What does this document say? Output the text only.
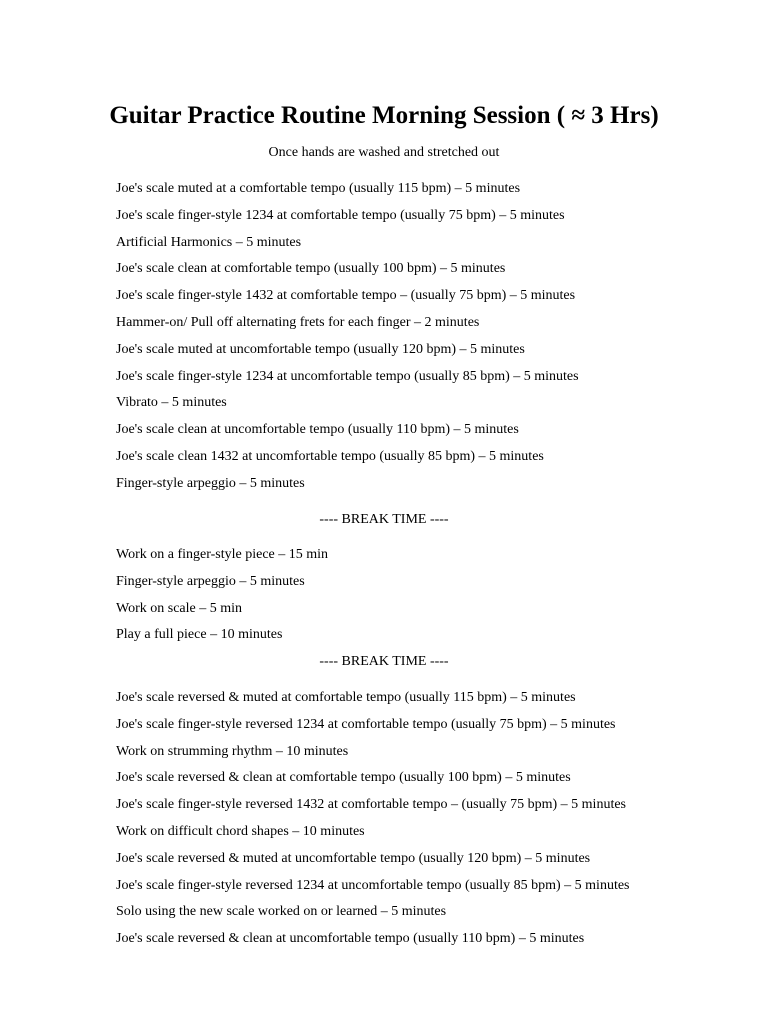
Guitar Practice Routine Morning Session ( ≈ 3 Hrs)
Once hands are washed and stretched out
Joe's scale muted at a comfortable tempo (usually 115 bpm) – 5 minutes
Joe's scale finger-style 1234 at comfortable tempo (usually 75 bpm) – 5 minutes
Artificial Harmonics – 5 minutes
Joe's scale clean at comfortable tempo (usually 100 bpm) – 5 minutes
Joe's scale finger-style 1432 at comfortable tempo – (usually 75 bpm) – 5 minutes
Hammer-on/ Pull off alternating frets for each finger – 2 minutes
Joe's scale muted at uncomfortable tempo (usually 120 bpm) – 5 minutes
Joe's scale finger-style 1234 at uncomfortable tempo (usually 85 bpm) – 5 minutes
Vibrato – 5 minutes
Joe's scale clean at uncomfortable tempo (usually 110 bpm) – 5 minutes
Joe's scale clean 1432 at uncomfortable tempo (usually 85 bpm) – 5 minutes
Finger-style arpeggio – 5 minutes
---- BREAK TIME ----
Work on a finger-style piece – 15 min
Finger-style arpeggio – 5 minutes
Work on scale – 5 min
Play a full piece – 10 minutes
---- BREAK TIME ----
Joe's scale reversed & muted at comfortable tempo (usually 115 bpm) – 5 minutes
Joe's scale finger-style reversed 1234 at comfortable tempo (usually 75 bpm) – 5 minutes
Work on strumming rhythm – 10 minutes
Joe's scale reversed & clean at comfortable tempo (usually 100 bpm) – 5 minutes
Joe's scale finger-style reversed 1432 at comfortable tempo – (usually 75 bpm) – 5 minutes
Work on difficult chord shapes – 10 minutes
Joe's scale reversed & muted at uncomfortable tempo (usually 120 bpm) – 5 minutes
Joe's scale finger-style reversed 1234 at uncomfortable tempo (usually 85 bpm) – 5 minutes
Solo using the new scale worked on or learned – 5 minutes
Joe's scale reversed & clean at uncomfortable tempo (usually 110 bpm) – 5 minutes
